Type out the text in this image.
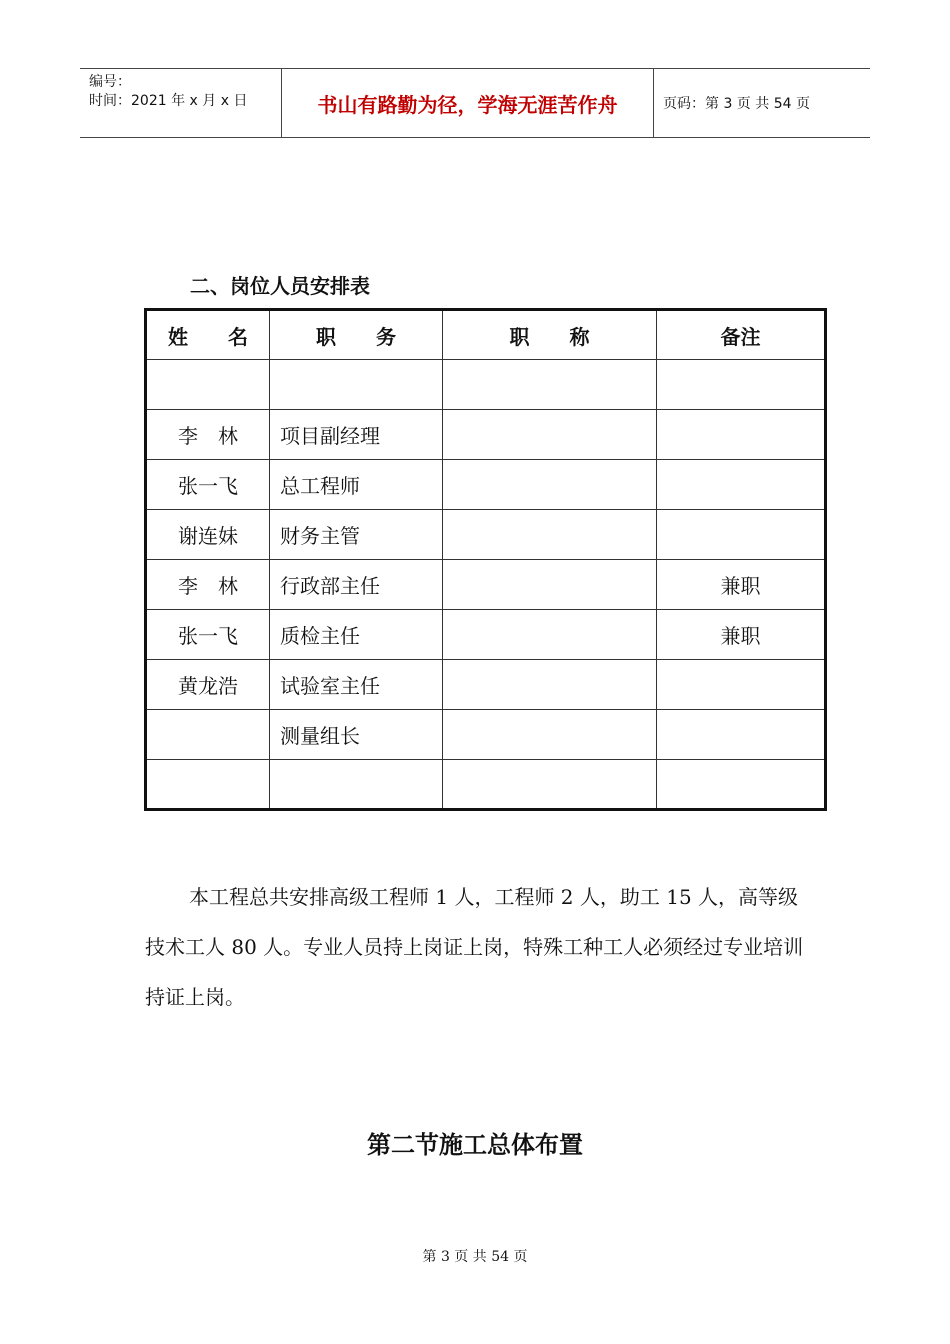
编号：
时间：2021 年 x 月 x 日	书山有路勤为径，学海无涯苦作舟	页码：第 3 页 共 54 页
二、岗位人员安排表
姓　　名	职　　务	职　　称	备注

李　林	项目副经理		
张一飞	总工程师		
谢连妹	财务主管		
李　林	行政部主任		兼职
张一飞	质检主任		兼职
黄龙浩	试验室主任		
	测量组长		

本工程总共安排高级工程师 1 人，工程师 2 人，助工 15 人，高等级技术工人 80 人。专业人员持上岗证上岗，特殊工种工人必须经过专业培训持证上岗。
第二节施工总体布置
第 3 页 共 54 页
